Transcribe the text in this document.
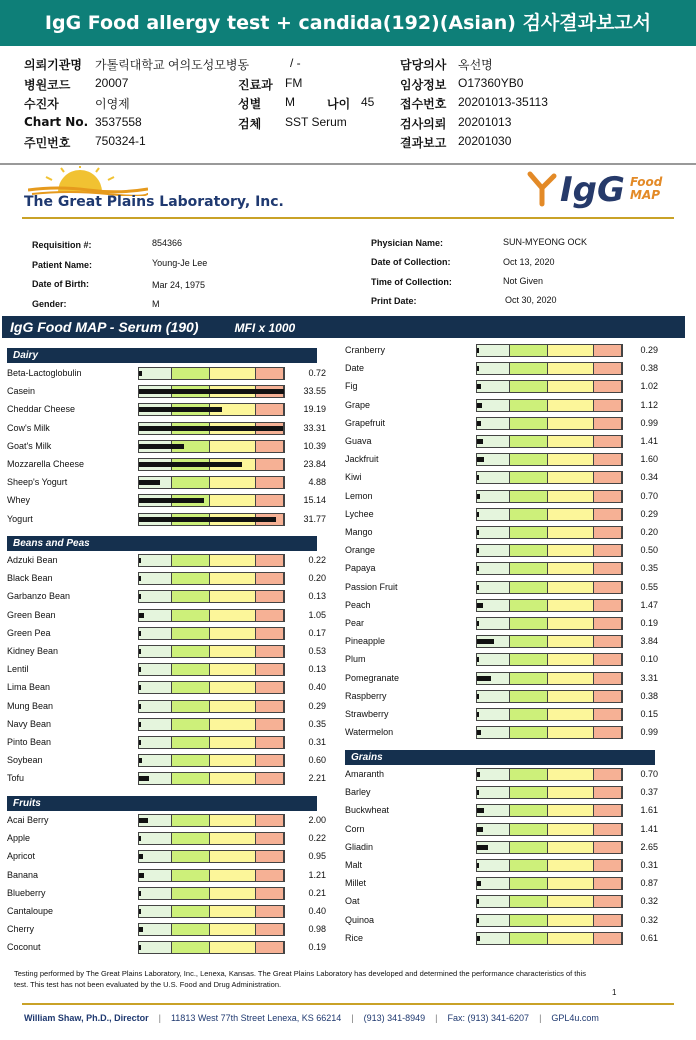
IgG Food allergy test + candida(192)(Asian) 검사결과보고서
의뢰기관명 가톨릭대학교 여의도성모병동
병원코드 20007
수진자	이영제
Chart No. 3537558
주민번호 750324-1
/ -
진료과 FM
성별 M	나이 45
검체 SST Serum
담당의사 옥선명
임상정보 O17360YB0
접수번호 20201013-35113
검사의뢰 20201013
결과보고 20201030
The Great Plains Laboratory, Inc.	IgG Food
MAP
Requisition #:	854366
Patient Name:	Young-Je Lee
Date of Birth:	Mar 24, 1975
Gender:	M
Physician Name:	SUN-MYEONG OCK
Date of Collection:	Oct 13, 2020
Time of Collection:	Not Given
Print Date:	Oct 30, 2020
IgG Food MAP - Serum (190)	MFI x 1000
Dairy
Beta-Lactoglobulin	0.72
Casein	33.55
Cheddar Cheese	19.19
Cow's Milk	33.31
Goat's Milk	10.39
Mozzarella Cheese	23.84
Sheep's Yogurt	4.88
Whey	15.14
Yogurt	31.77
Beans and Peas
Adzuki Bean	0.22
Black Bean	0.20
Garbanzo Bean	0.13
Green Bean	1.05
Green Pea	0.17
Kidney Bean	0.53
Lentil	0.13
Lima Bean	0.40
Mung Bean	0.29
Navy Bean	0.35
Pinto Bean	0.31
Soybean	0.60
Tofu	2.21
Fruits
Acai Berry	2.00
Apple	0.22
Apricot	0.95
Banana	1.21
Blueberry	0.21
Cantaloupe	0.40
Cherry	0.98
Coconut	0.19
Cranberry	0.29
Date	0.38
Fig	1.02
Grape	1.12
Grapefruit	0.99
Guava	1.41
Jackfruit	1.60
Kiwi	0.34
Lemon	0.70
Lychee	0.29
Mango	0.20
Orange	0.50
Papaya	0.35
Passion Fruit	0.55
Peach	1.47
Pear	0.19
Pineapple	3.84
Plum	0.10
Pomegranate	3.31
Raspberry	0.38
Strawberry	0.15
Watermelon	0.99
Grains
Amaranth	0.70
Barley	0.37
Buckwheat	1.61
Corn	1.41
Gliadin	2.65
Malt	0.31
Millet	0.87
Oat	0.32
Quinoa	0.32
Rice	0.61
Testing performed by The Great Plains Laboratory, Inc., Lenexa, Kansas. The Great Plains Laboratory has developed and determined the performance characteristics of this test. This test has not been evaluated by the U.S. Food and Drug Administration.
1
William Shaw, Ph.D., Director | 11813 West 77th Street Lenexa, KS 66214 | (913) 341-8949 | Fax: (913) 341-6207 | GPL4u.com
